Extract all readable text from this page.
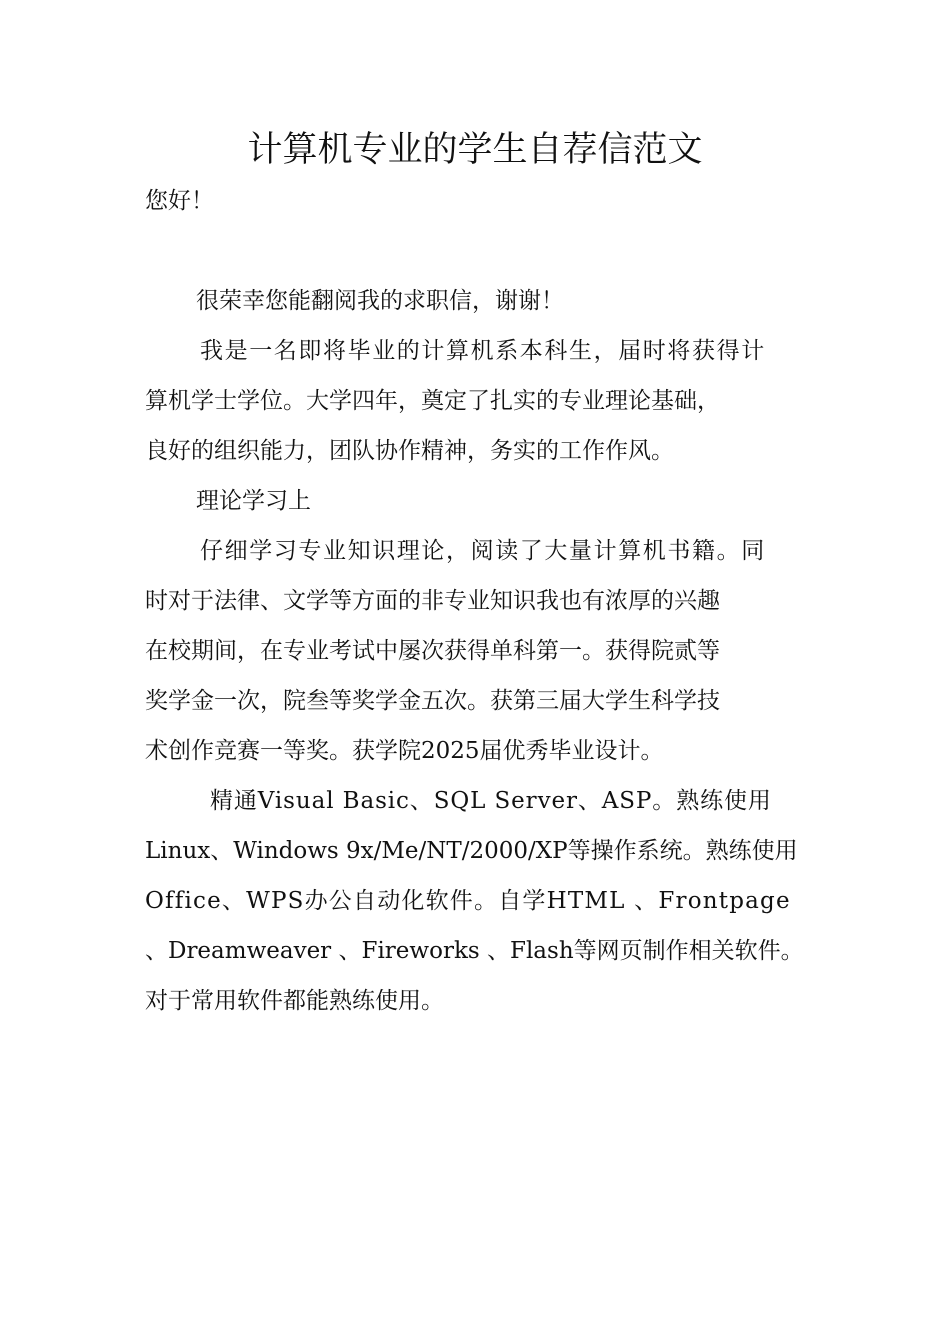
计算机专业的学生自荐信范文
您好！
很荣幸您能翻阅我的求职信，谢谢！
我是一名即将毕业的计算机系本科生，届时将获得计
算机学士学位。大学四年，奠定了扎实的专业理论基础，
良好的组织能力，团队协作精神，务实的工作作风。
理论学习上
仔细学习专业知识理论，阅读了大量计算机书籍。同
时对于法律、文学等方面的非专业知识我也有浓厚的兴趣
在校期间，在专业考试中屡次获得单科第一。获得院贰等
奖学金一次，院叁等奖学金五次。获第三届大学生科学技
术创作竞赛一等奖。获学院2025届优秀毕业设计。
精通Visual Basic、SQL Server、ASP。熟练使用
Linux、Windows 9x/Me/NT/2000/XP等操作系统。熟练使用
Office、WPS办公自动化软件。自学HTML 、Frontpage
、Dreamweaver 、Fireworks 、Flash等网页制作相关软件。
对于常用软件都能熟练使用。
